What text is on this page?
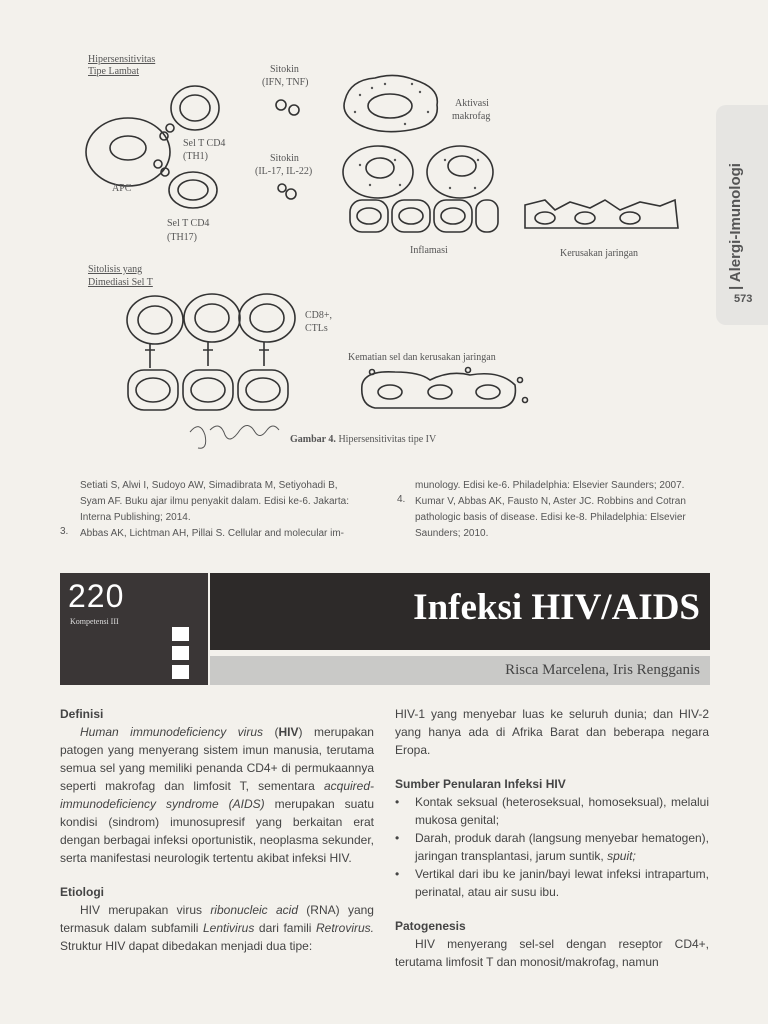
Hipersensitivitas
Tipe Lambat	Sitokin
(IFN, TNF)
Aktivasi
makrofag
Sel T CD4
(TH1)	Sitokin
(IL-17, IL-22)
APC
Sel T CD4
(TH17)
Inflamasi	Kerusakan jaringan
Sitolisis yang
Dimediasi Sel T
CD8+,
CTLs
Kematian sel dan kerusakan jaringan
Gambar 4. Hipersensitivitas tipe IV
| Alergi-Imunologi
573
Setiati S, Alwi I, Sudoyo AW, Simadibrata M, Setiyohadi B,
Syam AF. Buku ajar ilmu penyakit dalam. Edisi ke-6. Jakarta:
Interna Publishing; 2014.
Abbas AK, Lichtman AH, Pillai S. Cellular and molecular im-
3.
munology. Edisi ke-6. Philadelphia: Elsevier Saunders; 2007.
Kumar V, Abbas AK, Fausto N, Aster JC. Robbins and Cotran
pathologic basis of disease. Edisi ke-8. Philadelphia: Elsevier
Saunders; 2010.
4.
220
Kompetensi III	Infeksi HIV/AIDS
Risca Marcelena, Iris Rengganis
Definisi

Human immunodeficiency virus (HIV) merupakan patogen yang menyerang sistem imun manusia, terutama semua sel yang memiliki penanda CD4+ di permukaannya seperti makrofag dan limfosit T, sementara acquired-immunodeficiency syndrome (AIDS) merupakan suatu kondisi (sindrom) imunosupresif yang berkaitan erat dengan berbagai infeksi oportunistik, neoplasma sekunder, serta manifestasi neurologik tertentu akibat infeksi HIV.

Etiologi

HIV merupakan virus ribonucleic acid (RNA) yang termasuk dalam subfamili Lentivirus dari famili Retrovirus. Struktur HIV dapat dibedakan menjadi dua tipe:

HIV-1 yang menyebar luas ke seluruh dunia; dan HIV-2 yang hanya ada di Afrika Barat dan beberapa negara Eropa.

Sumber Penularan Infeksi HIV
• Kontak seksual (heteroseksual, homoseksual), melalui mukosa genital;
• Darah, produk darah (langsung menyebar hematogen), jaringan transplantasi, jarum suntik, spuit;
• Vertikal dari ibu ke janin/bayi lewat infeksi intrapartum, perinatal, atau air susu ibu.
Patogenesis

HIV menyerang sel-sel dengan reseptor CD4+, terutama limfosit T dan monosit/makrofag, namun
